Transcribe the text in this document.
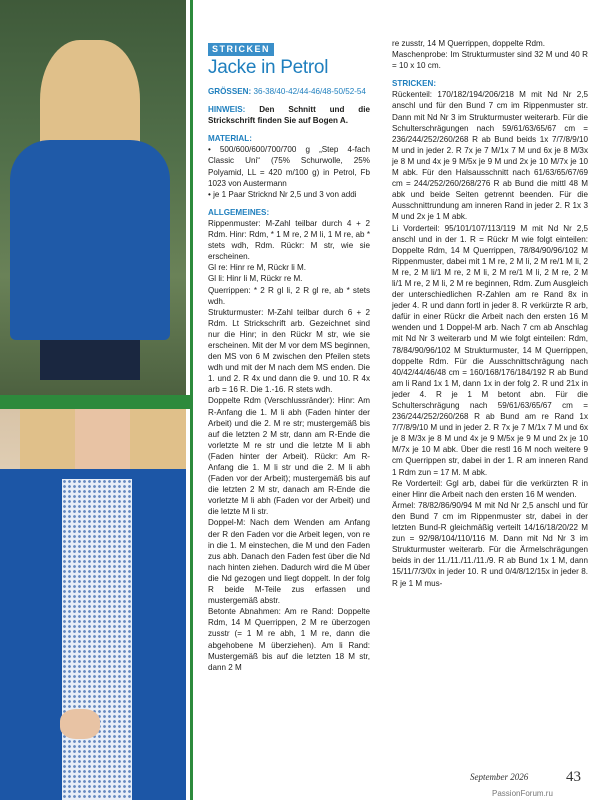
STRICKEN
Jacke in Petrol

GRÖSSEN: 36-38/40-42/44-46/48-50/52-54

HINWEIS: Den Schnitt und die Strickschrift finden Sie auf Bogen A.

MATERIAL:

• 500/600/600/700/700 g „Step 4-fach Classic Uni“ (75% Schurwolle, 25% Polyamid, LL = 420 m/100 g) in Petrol, Fb 1023 von Austermann

• je 1 Paar Stricknd Nr 2,5 und 3 von addi

ALLGEMEINES:

Rippenmuster: M-Zahl teilbar durch 4 + 2 Rdm. Hinr: Rdm, * 1 M re, 2 M li, 1 M re, ab * stets wdh, Rdm. Rückr: M str, wie sie erscheinen.

Gl re: Hinr re M, Rückr li M.

Gl li: Hinr li M, Rückr re M.

Querrippen: * 2 R gl li, 2 R gl re, ab * stets wdh.

Strukturmuster: M-Zahl teilbar durch 6 + 2 Rdm. Lt Strickschrift arb. Gezeichnet sind nur die Hinr; in den Rückr M str, wie sie erscheinen. Mit der M vor dem MS beginnen, den MS von 6 M zwischen den Pfeilen stets wdh und mit der M nach dem MS enden. Die 1. und 2. R 4x und dann die 9. und 10. R 4x arb = 16 R. Die 1.-16. R stets wdh.

Doppelte Rdm (Verschlussränder): Hinr: Am R-Anfang die 1. M li abh (Faden hinter der Arbeit) und die 2. M re str; mustergemäß bis auf die letzten 2 M str, dann am R-Ende die vorletzte M re str und die letzte M li abh (Faden hinter der Arbeit). Rückr: Am R-Anfang die 1. M li str und die 2. M li abh (Faden vor der Arbeit); mustergemäß bis auf die letzten 2 M str, danach am R-Ende die vorletzte M li abh (Faden vor der Arbeit) und die letzte M li str.

Doppel-M: Nach dem Wenden am Anfang der R den Faden vor die Arbeit legen, von re in die 1. M einstechen, die M und den Faden zus abh. Danach den Faden fest über die Nd nach hinten ziehen. Dadurch wird die M über die Nd gezogen und liegt doppelt. In der folg R beide M-Teile zus erfassen und mustergemäß abstr.

Betonte Abnahmen: Am re Rand: Doppelte Rdm, 14 M Querrippen, 2 M re überzogen zusstr (= 1 M re abh, 1 M re, dann die abgehobene M überziehen). Am li Rand: Mustergemäß bis auf die letzten 18 M str, dann 2 M

re zusstr, 14 M Querrippen, doppelte Rdm.

Maschenprobe: Im Strukturmuster sind 32 M und 40 R = 10 x 10 cm.

STRICKEN:

Rückenteil: 170/182/194/206/218 M mit Nd Nr 2,5 anschl und für den Bund 7 cm im Rippenmuster str. Dann mit Nd Nr 3 im Strukturmuster weiterarb. Für die Schulterschrägungen nach 59/61/63/65/67 cm = 236/244/252/260/268 R ab Bund beids 1x 7/7/8/9/10 M und in jeder 2. R 7x je 7 M/1x 7 M und 6x je 8 M/3x je 8 M und 4x je 9 M/5x je 9 M und 2x je 10 M/7x je 10 M abk. Für den Halsausschnitt nach 61/63/65/67/69 cm = 244/252/260/268/276 R ab Bund die mittl 48 M abk und beide Seiten getrennt beenden. Für die Ausschnittrundung am inneren Rand in jeder 2. R 1x 3 M und 2x je 1 M abk.

Li Vorderteil: 95/101/107/113/119 M mit Nd Nr 2,5 anschl und in der 1. R = Rückr M wie folgt einteilen: Doppelte Rdm, 14 M Querrippen, 78/84/90/96/102 M Rippenmuster, dabei mit 1 M re, 2 M li, 2 M re/1 M li, 2 M re, 2 M li/1 M re, 2 M li, 2 M re/1 M li, 2 M re, 2 M li/1 M re, 2 M li, 2 M re beginnen, Rdm. Zum Ausgleich der unterschiedlichen R-Zahlen am re Rand 8x in jeder 4. R und dann fortl in jeder 8. R verkürzte R arb, dafür in einer Rückr die Arbeit nach den ersten 16 M wenden und 1 Doppel-M arb. Nach 7 cm ab Anschlag mit Nd Nr 3 weiterarb und M wie folgt einteilen: Rdm, 78/84/90/96/102 M Strukturmuster, 14 M Querrippen, doppelte Rdm. Für die Ausschnittschrägung nach 40/42/44/46/48 cm = 160/168/176/184/192 R ab Bund am li Rand 1x 1 M, dann 1x in der folg 2. R und 21x in jeder 4. R je 1 M betont abn. Für die Schulterschrägung nach 59/61/63/65/67 cm = 236/244/252/260/268 R ab Bund am re Rand 1x 7/7/8/9/10 M und in jeder 2. R 7x je 7 M/1x 7 M und 6x je 8 M/3x je 8 M und 4x je 9 M/5x je 9 M und 2x je 10 M/7x je 10 M abk. Über die restl 16 M noch weitere 9 cm Querrippen str, dabei in der 1. R am inneren Rand 1 Rdm zun = 17 M. M abk.

Re Vorderteil: Ggl arb, dabei für die verkürzten R in einer Hinr die Arbeit nach den ersten 16 M wenden.

Ärmel: 78/82/86/90/94 M mit Nd Nr 2,5 anschl und für den Bund 7 cm im Rippenmuster str, dabei in der letzten Bund-R gleichmäßig verteilt 14/16/18/20/22 M zun = 92/98/104/110/116 M. Dann mit Nd Nr 3 im Strukturmuster weiterarb. Für die Ärmelschrägungen beids in der 11./11./11./11./9. R ab Bund 1x 1 M, dann 15/11/7/3/0x in jeder 10. R und 0/4/8/12/15x in jeder 8. R je 1 M mus-

September 2026	43
PassionForum.ru
